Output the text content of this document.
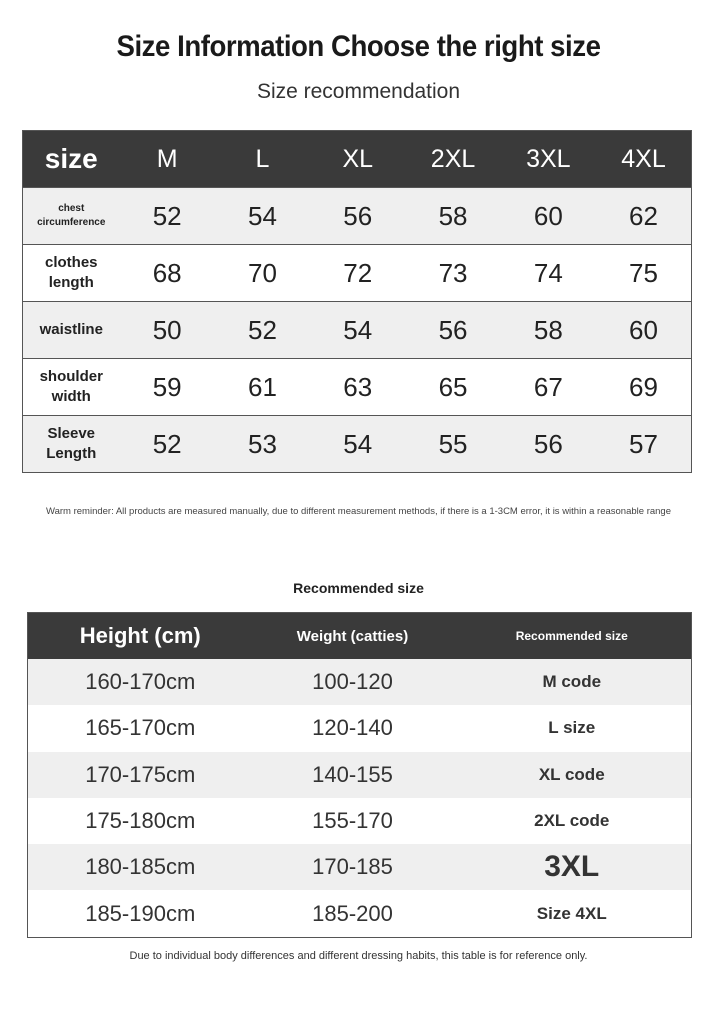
Size Information Choose the right size
Size recommendation
size	M	L	XL	2XL	3XL	4XL
chest circumference	52	54	56	58	60	62
clothes length	68	70	72	73	74	75
waistline	50	52	54	56	58	60
shoulder width	59	61	63	65	67	69
Sleeve Length	52	53	54	55	56	57
Warm reminder: All products are measured manually, due to different measurement methods, if there is a 1-3CM error, it is within a reasonable range
Recommended size
Height (cm)	Weight (catties)	Recommended size
160-170cm	100-120	M code
165-170cm	120-140	L size
170-175cm	140-155	XL code
175-180cm	155-170	2XL code
180-185cm	170-185	3XL
185-190cm	185-200	Size 4XL
Due to individual body differences and different dressing habits, this table is for reference only.
